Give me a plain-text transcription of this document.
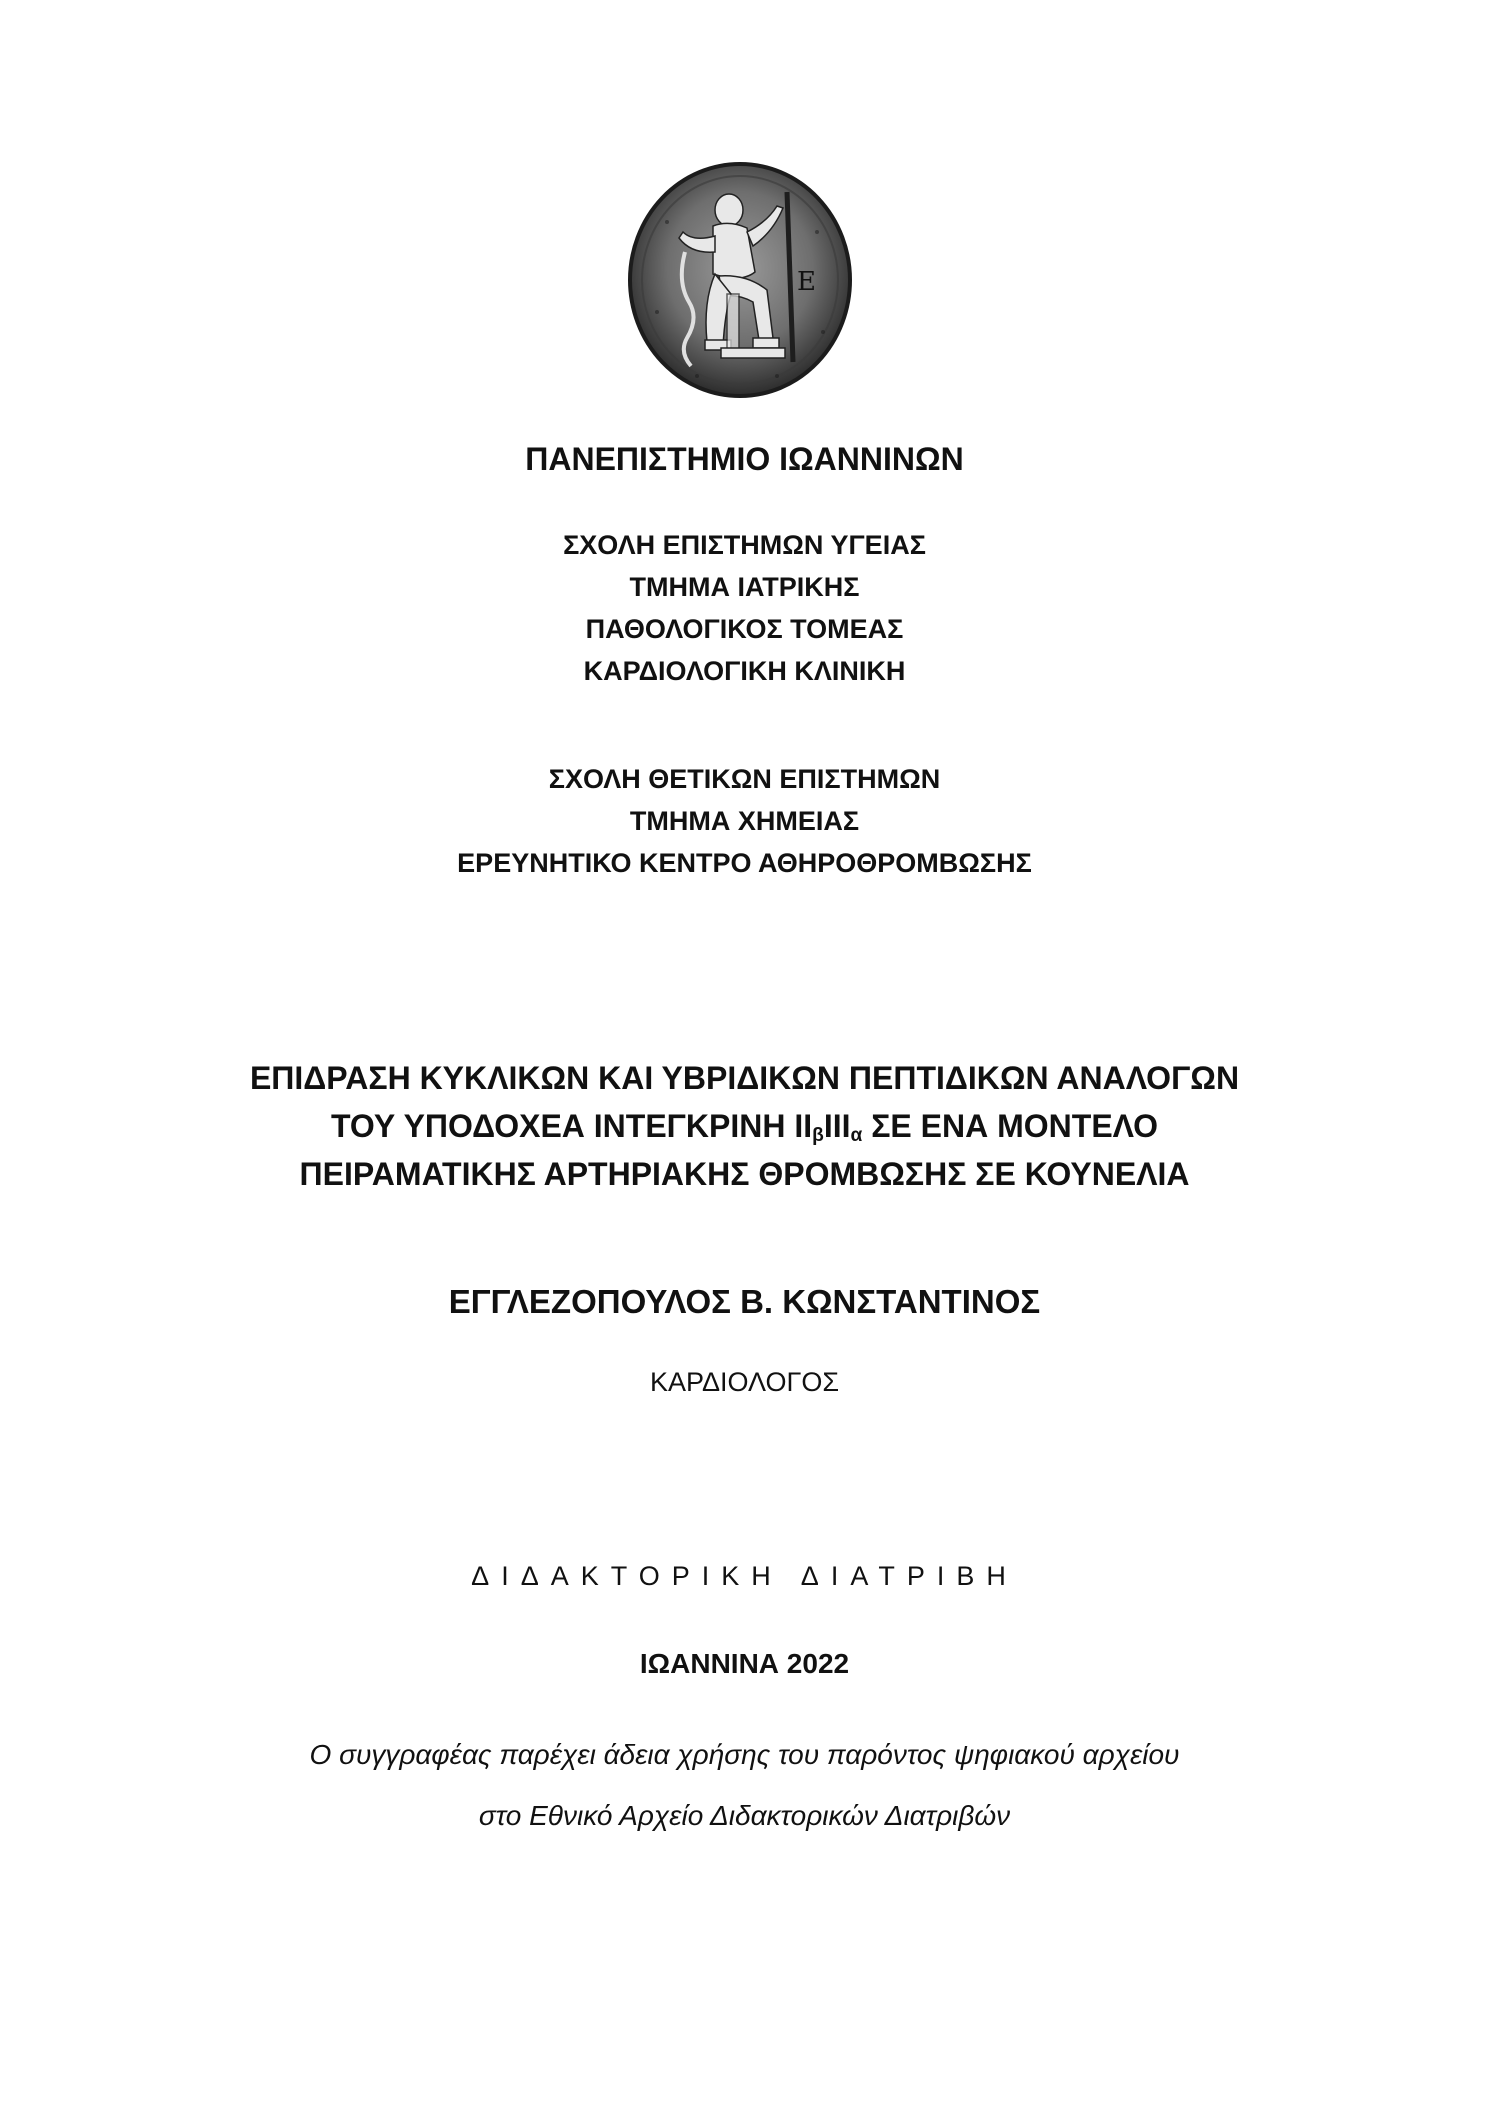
Ε
ΠΑΝΕΠΙΣΤΗΜΙΟ ΙΩΑΝΝΙΝΩΝ
ΣΧΟΛΗ ΕΠΙΣΤΗΜΩΝ ΥΓΕΙΑΣ
ΤΜΗΜΑ ΙΑΤΡΙΚΗΣ
ΠΑΘΟΛΟΓΙΚΟΣ ΤΟΜΕΑΣ
ΚΑΡΔΙΟΛΟΓΙΚΗ ΚΛΙΝΙΚΗ
ΣΧΟΛΗ ΘΕΤΙΚΩΝ ΕΠΙΣΤΗΜΩΝ
ΤΜΗΜΑ ΧΗΜΕΙΑΣ
ΕΡΕΥΝΗΤΙΚΟ ΚΕΝΤΡΟ ΑΘΗΡΟΘΡΟΜΒΩΣΗΣ
ΕΠΙΔΡΑΣΗ ΚΥΚΛΙΚΩΝ ΚΑΙ ΥΒΡΙΔΙΚΩΝ ΠΕΠΤΙΔΙΚΩΝ ΑΝΑΛΟΓΩΝ
ΤΟΥ ΥΠΟΔΟΧΕΑ ΙΝΤΕΓΚΡΙΝΗ $II_\beta III_\alpha$ ΣΕ ΕΝΑ ΜΟΝΤΕΛΟ
ΠΕΙΡΑΜΑΤΙΚΗΣ ΑΡΤΗΡΙΑΚΗΣ ΘΡΟΜΒΩΣΗΣ ΣΕ ΚΟΥΝΕΛΙΑ
ΕΓΓΛΕΖΟΠΟΥΛΟΣ Β. ΚΩΝΣΤΑΝΤΙΝΟΣ
ΚΑΡΔΙΟΛΟΓΟΣ
ΔΙΔΑΚΤΟΡΙΚΗ ΔΙΑΤΡΙΒΗ
ΙΩΑΝΝΙΝΑ 2022
Ο συγγραφέας παρέχει άδεια χρήσης του παρόντος ψηφιακού αρχείου
στο Εθνικό Αρχείο Διδακτορικών Διατριβών
